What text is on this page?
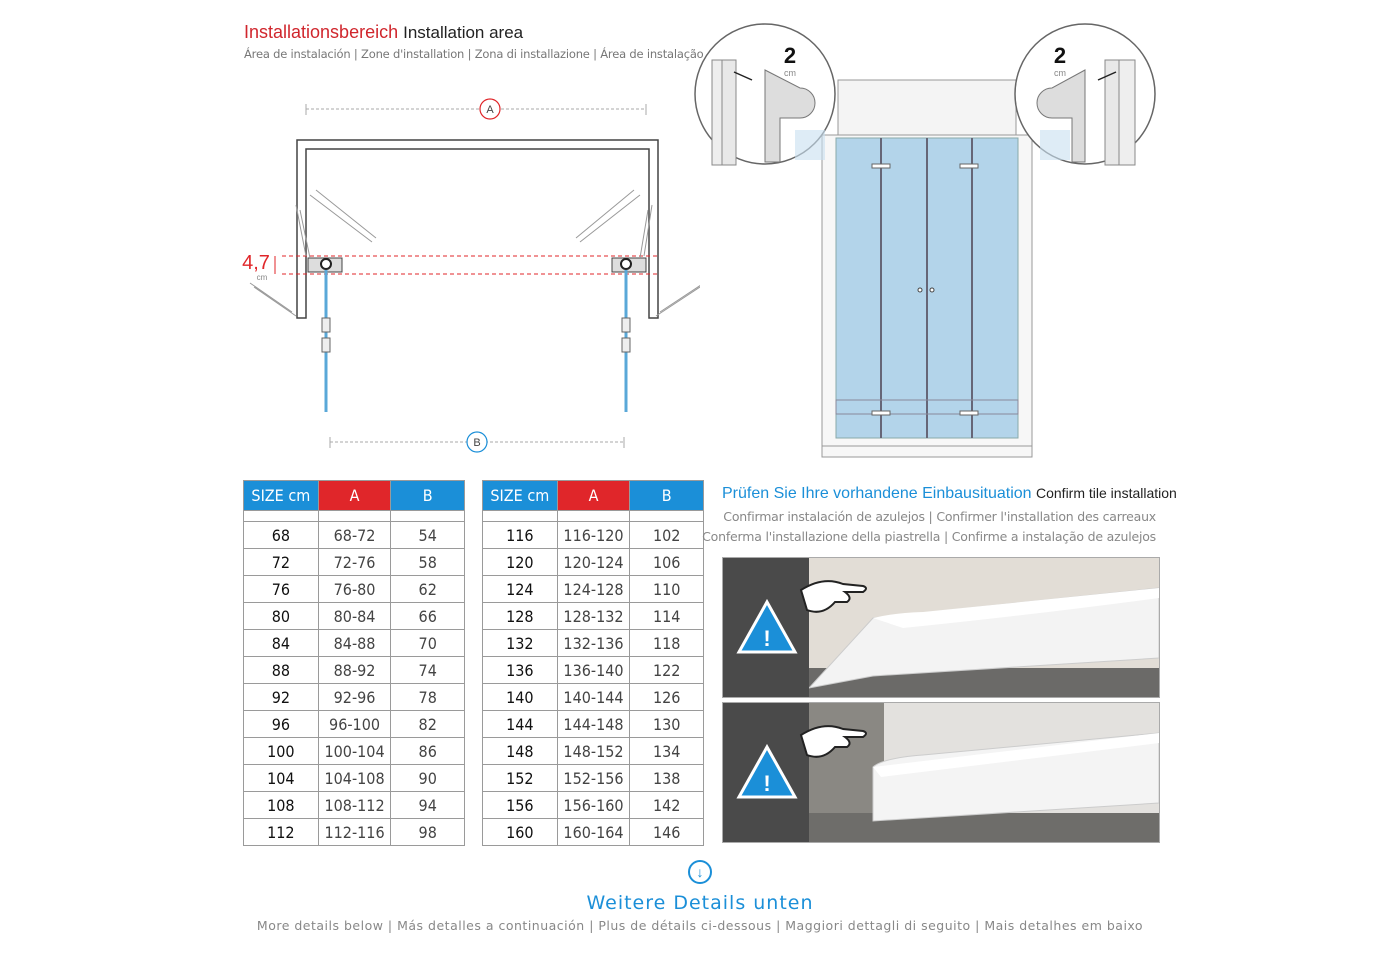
Installationsbereich Installation area
Área de instalación | Zone d'installation | Zona di installazione | Área de instalação
A
4,7
cm
B
2
cm
2
cm
SIZE cm	A	B

68	68-72	54
72	72-76	58
76	76-80	62
80	80-84	66
84	84-88	70
88	88-92	74
92	92-96	78
96	96-100	82
100	100-104	86
104	104-108	90
108	108-112	94
112	112-116	98
SIZE cm	A	B

116	116-120	102
120	120-124	106
124	124-128	110
128	128-132	114
132	132-136	118
136	136-140	122
140	140-144	126
144	144-148	130
148	148-152	134
152	152-156	138
156	156-160	142
160	160-164	146
Prüfen Sie Ihre vorhandene Einbausituation Confirm tile installation
Confirmar instalación de azulejos | Confirmer l'installation des carreaux
Conferma l'installazione della piastrella | Confirme a instalação de azulejos
!
!
↓
Weitere Details unten
More details below | Más detalles a continuación | Plus de détails ci-dessous | Maggiori dettagli di seguito | Mais detalhes em baixo
